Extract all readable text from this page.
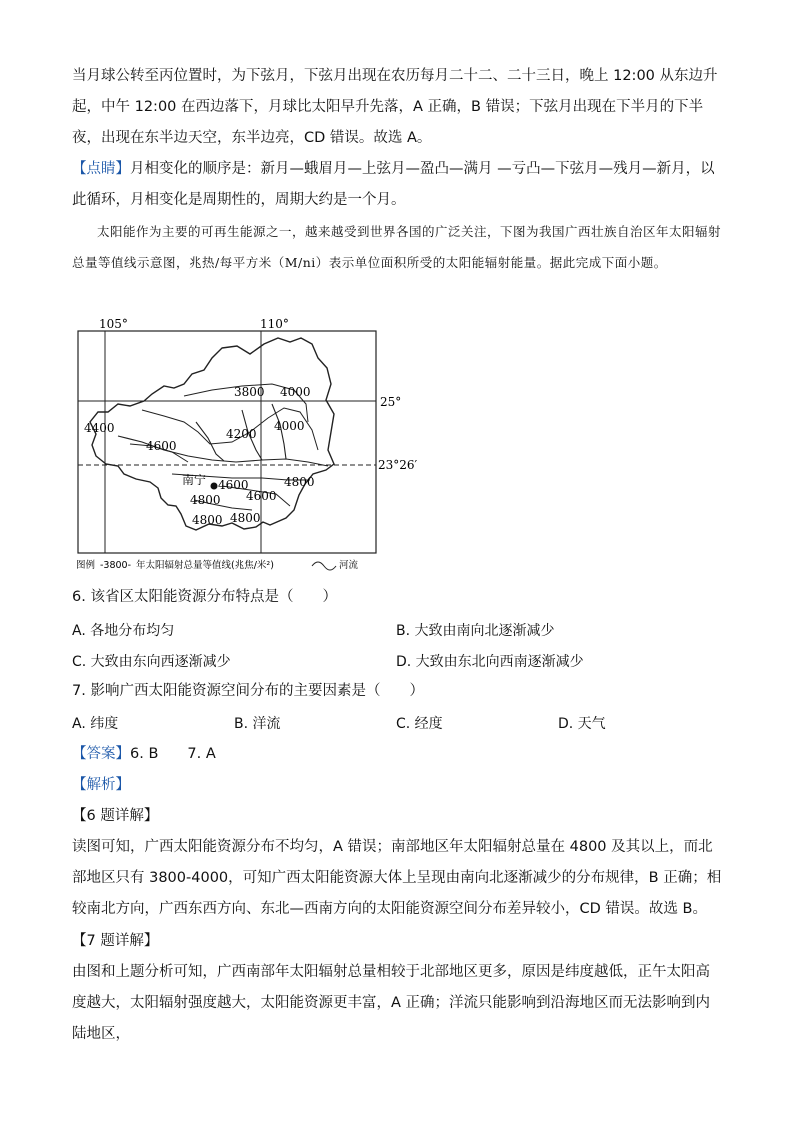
当月球公转至丙位置时，为下弦月，下弦月出现在农历每月二十二、二十三日，晚上 12:00 从东边升起，中午 12:00 在西边落下，月球比太阳早升先落，A 正确，B 错误；下弦月出现在下半月的下半夜，出现在东半边天空，东半边亮，CD 错误。故选 A。

【点睛】月相变化的顺序是：新月—蛾眉月—上弦月—盈凸—满月 —亏凸—下弦月—残月—新月，以此循环，月相变化是周期性的，周期大约是一个月。

太阳能作为主要的可再生能源之一，越来越受到世界各国的广泛关注，下图为我国广西壮族自治区年太阳辐射总量等值线示意图，兆热/每平方米（M/ni）表示单位面积所受的太阳能辐射能量。据此完成下面小题。

105°	110°
25°
23°26′
3800 4000
4400
4600
4200
4000
4600	4800
4800 4600
4800 4800
南宁
图例 -3800- 年太阳辐射总量等值线(兆焦/米²)	河流
6. 该省区太阳能资源分布特点是（　　）
A. 各地分布均匀	B. 大致由南向北逐渐减少
C. 大致由东向西逐渐减少	D. 大致由东北向西南逐渐减少
7. 影响广西太阳能资源空间分布的主要因素是（　　）
A. 纬度	B. 洋流	C. 经度	D. 天气
【答案】6. B　　7. A
【解析】
【6 题详解】

读图可知，广西太阳能资源分布不均匀，A 错误；南部地区年太阳辐射总量在 4800 及其以上，而北部地区只有 3800-4000，可知广西太阳能资源大体上呈现由南向北逐渐减少的分布规律，B 正确；相较南北方向，广西东西方向、东北—西南方向的太阳能资源空间分布差异较小，CD 错误。故选 B。

【7 题详解】

由图和上题分析可知，广西南部年太阳辐射总量相较于北部地区更多，原因是纬度越低，正午太阳高度越大，太阳辐射强度越大，太阳能资源更丰富，A 正确；洋流只能影响到沿海地区而无法影响到内陆地区，
